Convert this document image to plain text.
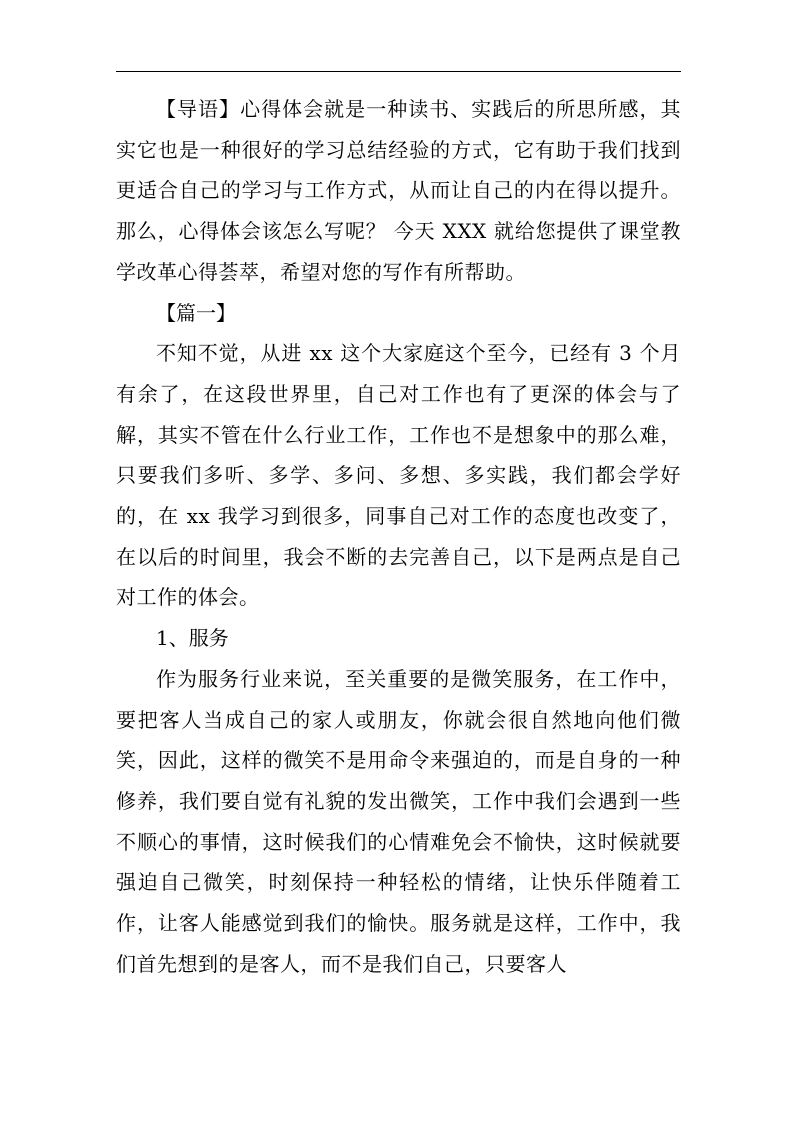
【导语】心得体会就是一种读书、实践后的所思所感，其实它也是一种很好的学习总结经验的方式，它有助于我们找到更适合自己的学习与工作方式，从而让自己的内在得以提升。那么，心得体会该怎么写呢？ 今天 XXX 就给您提供了课堂教学改革心得荟萃，希望对您的写作有所帮助。

【篇一】

不知不觉，从进 xx 这个大家庭这个至今，已经有 3 个月有余了，在这段世界里，自己对工作也有了更深的体会与了解，其实不管在什么行业工作，工作也不是想象中的那么难，只要我们多听、多学、多问、多想、多实践，我们都会学好的，在 xx 我学习到很多，同事自己对工作的态度也改变了，在以后的时间里，我会不断的去完善自己，以下是两点是自己对工作的体会。

1、服务

作为服务行业来说，至关重要的是微笑服务，在工作中，要把客人当成自己的家人或朋友，你就会很自然地向他们微笑，因此，这样的微笑不是用命令来强迫的，而是自身的一种修养，我们要自觉有礼貌的发出微笑，工作中我们会遇到一些不顺心的事情，这时候我们的心情难免会不愉快，这时候就要强迫自己微笑，时刻保持一种轻松的情绪，让快乐伴随着工作，让客人能感觉到我们的愉快。服务就是这样，工作中，我们首先想到的是客人，而不是我们自己，只要客人
